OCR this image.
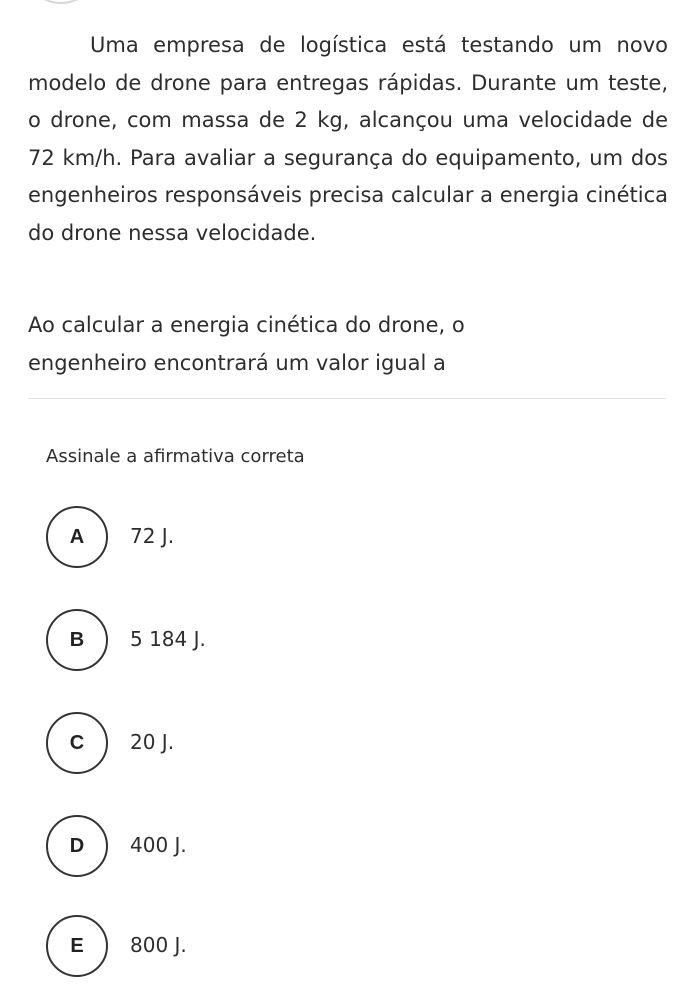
Uma empresa de logística está testando um novo modelo de drone para entregas rápidas. Durante um teste, o drone, com massa de 2 kg, alcançou uma velocidade de 72 km/h. Para avaliar a segurança do equipamento, um dos engenheiros responsáveis precisa calcular a energia cinética do drone nessa velocidade.

Ao calcular a energia cinética do drone, o engenheiro encontrará um valor igual a

Assinale a afirmativa correta

A	72 J.
B	5 184 J.
C	20 J.
D	400 J.
E	800 J.
